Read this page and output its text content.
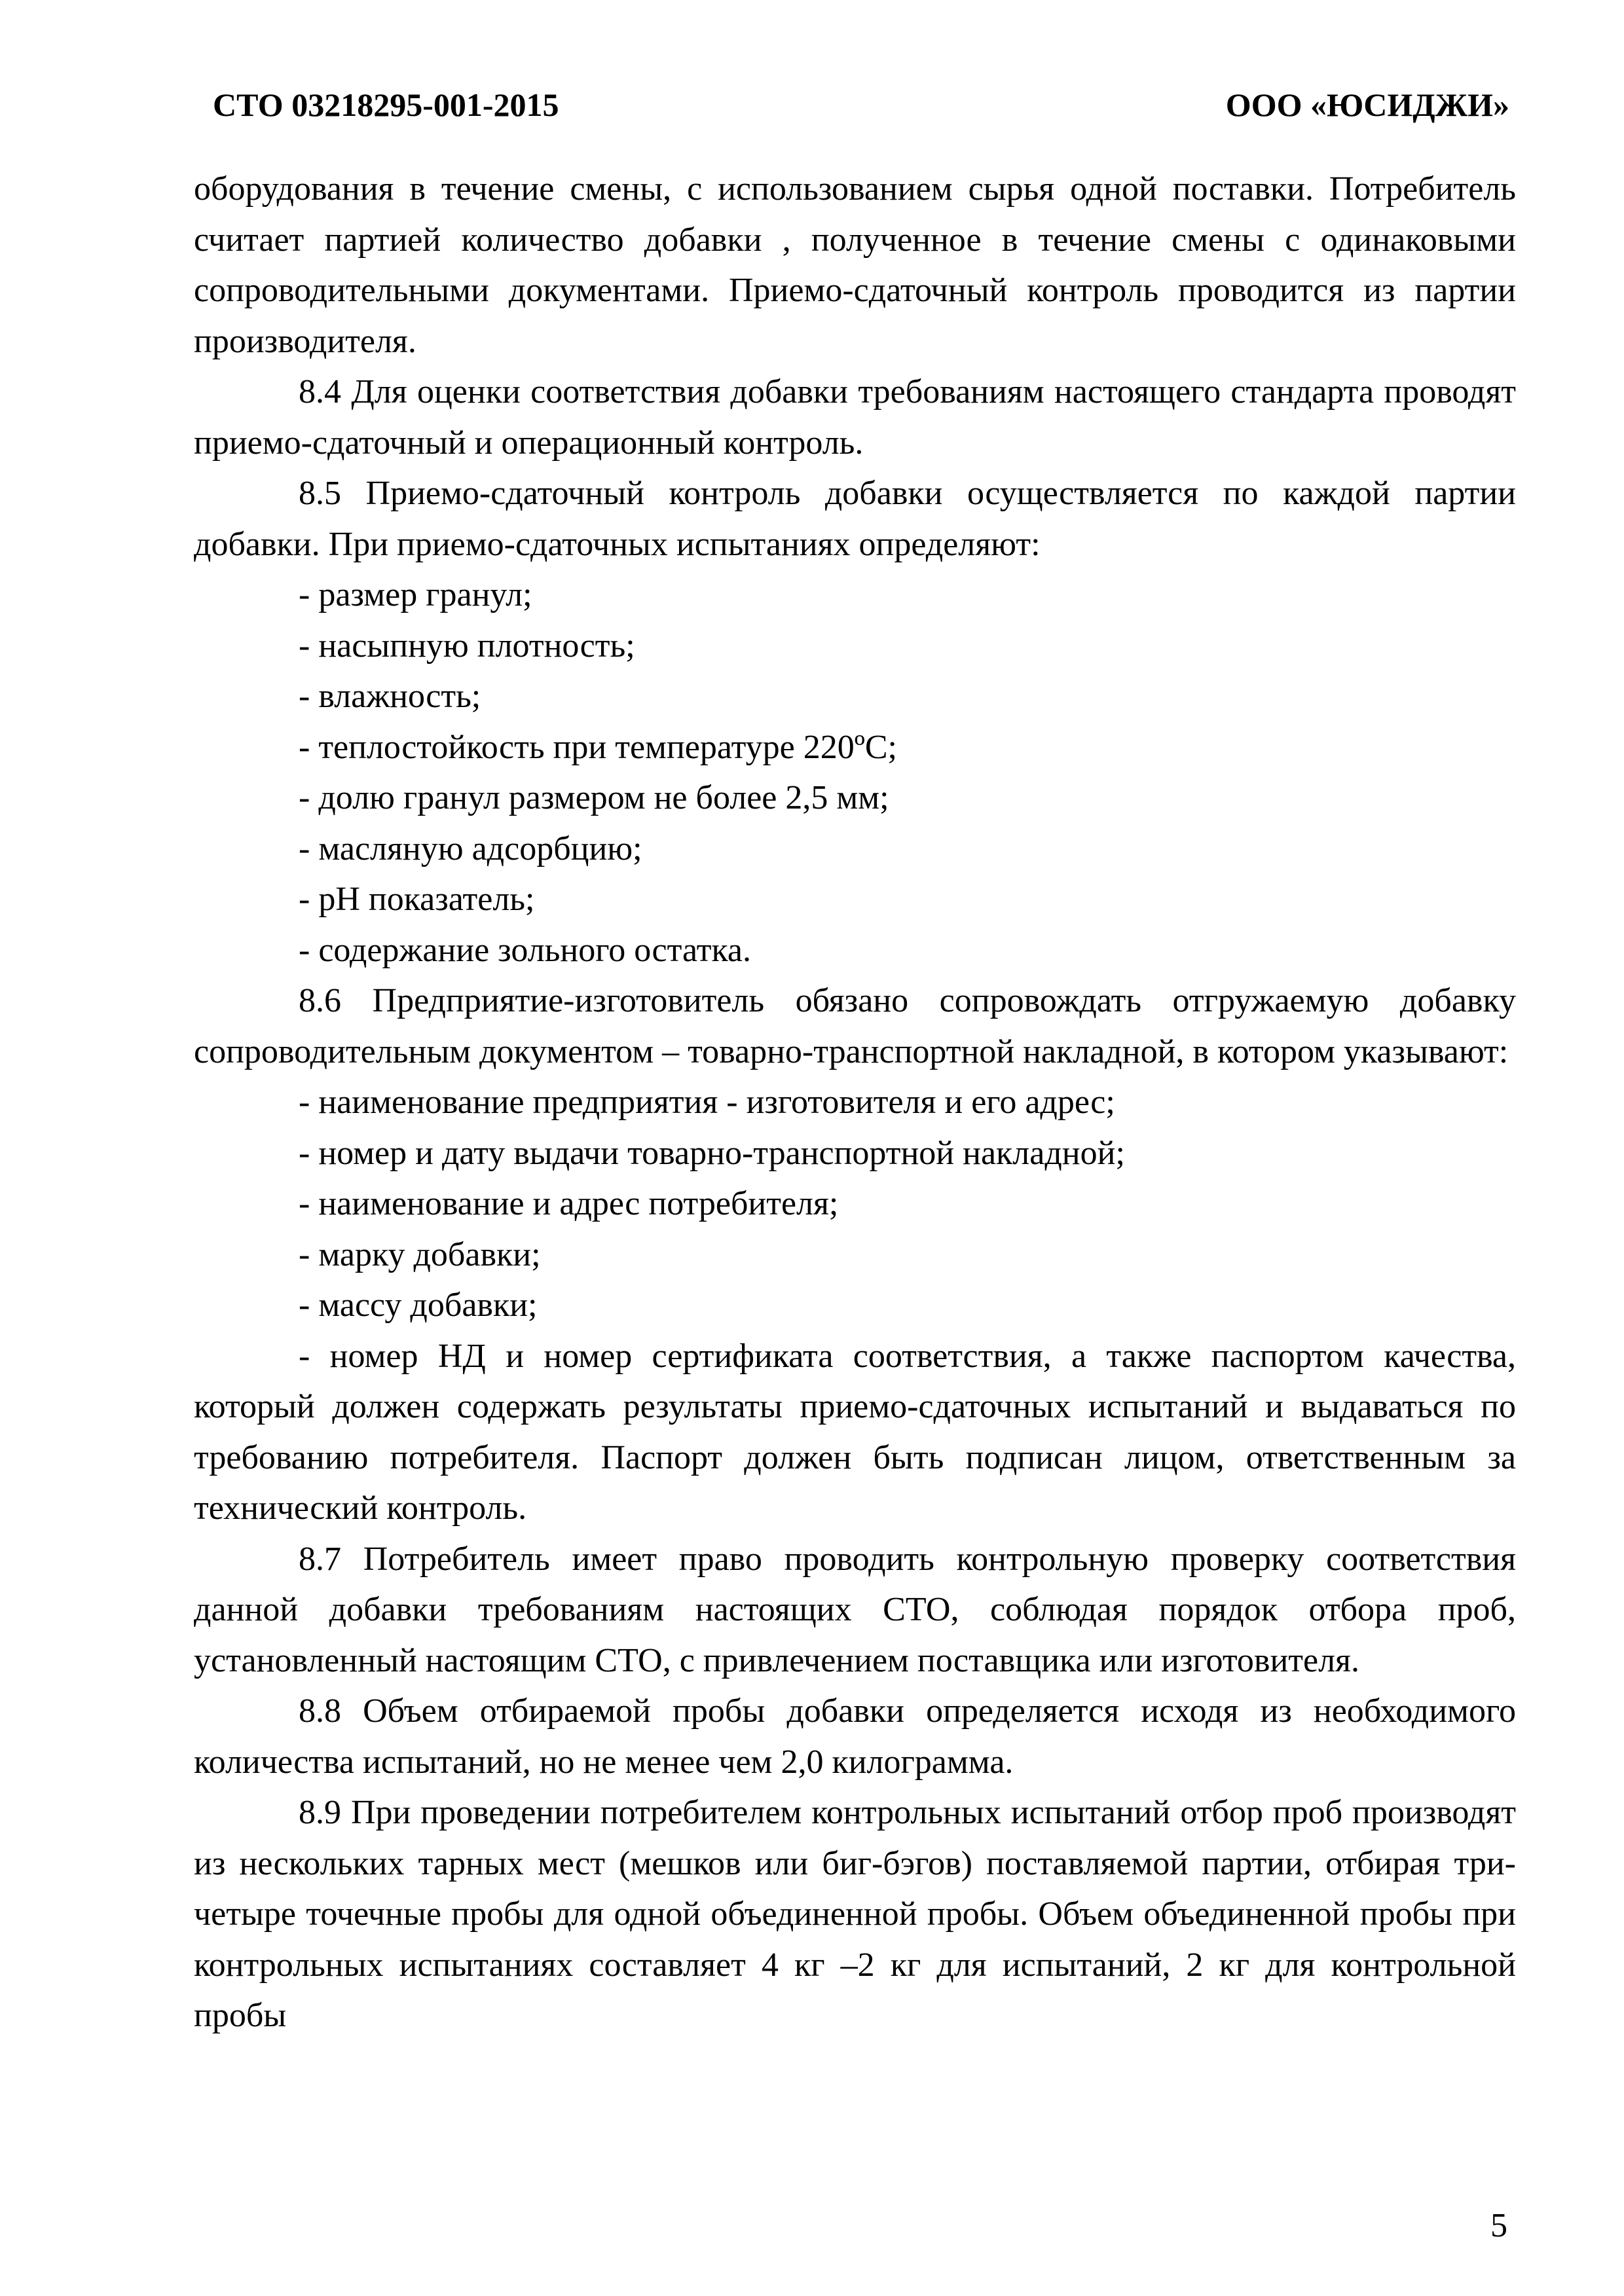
СТО 03218295-001-2015	ООО «ЮСИДЖИ»

оборудования в течение смены, с использованием сырья одной поставки. Потребитель считает партией количество добавки , полученное в течение смены с одинаковыми сопроводительными документами. Приемо-сдаточный контроль проводится из партии производителя.

8.4 Для оценки соответствия добавки требованиям настоящего стандарта проводят приемо-сдаточный и операционный контроль.

8.5 Приемо-сдаточный контроль добавки осуществляется по каждой партии добавки. При приемо-сдаточных испытаниях определяют:

- размер гранул;

- насыпную плотность;

- влажность;

- теплостойкость при температуре 220ºС;

- долю гранул размером не более 2,5 мм;

- масляную адсорбцию;

- pH показатель;

- содержание зольного остатка.

8.6 Предприятие-изготовитель обязано сопровождать отгружаемую добавку сопроводительным документом – товарно-транспортной накладной, в котором указывают:

- наименование предприятия - изготовителя и его адрес;

- номер и дату выдачи товарно-транспортной накладной;

- наименование и адрес потребителя;

- марку добавки;

- массу добавки;

- номер НД и номер сертификата соответствия, а также паспортом качества, который должен содержать результаты приемо-сдаточных испытаний и выдаваться по требованию потребителя. Паспорт должен быть подписан лицом, ответственным за технический контроль.

8.7 Потребитель имеет право проводить контрольную проверку соответствия данной добавки требованиям настоящих СТО, соблюдая порядок отбора проб, установленный настоящим СТО, с привлечением поставщика или изготовителя.

8.8 Объем отбираемой пробы добавки определяется исходя из необходимого количества испытаний, но не менее чем 2,0 килограмма.

8.9 При проведении потребителем контрольных испытаний отбор проб производят из нескольких тарных мест (мешков или биг-бэгов) поставляемой партии, отбирая три-четыре точечные пробы для одной объединенной пробы. Объем объединенной пробы при контрольных испытаниях составляет 4 кг –2 кг для испытаний, 2 кг для контрольной пробы

5
